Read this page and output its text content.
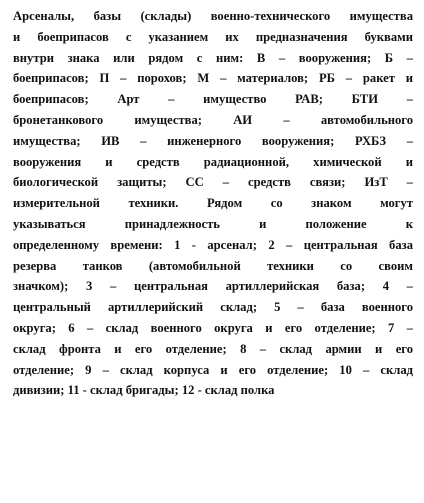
Арсеналы, базы (склады) военно-технического имущества
и боеприпасов с указанием их предназначения буквами
внутри знака или рядом с ним: В – вооружения; Б –
боеприпасов; П – порохов; М – материалов; РБ – ракет и
боеприпасов; Арт – имущество РАВ; БТИ –
бронетанкового имущества; АИ – автомобильного
имущества; ИВ – инженерного вооружения; РХБЗ –
вооружения и средств радиационной, химической и
биологической защиты; СС – средств связи; ИзТ –
измерительной техники. Рядом со знаком могут
указываться принадлежность и положение к
определенному времени: 1 - арсенал; 2 – центральная база
резерва танков (автомобильной техники со своим
значком); 3 – центральная артиллерийская база; 4 –
центральный артиллерийский склад; 5 – база военного
округа; 6 – склад военного округа и его отделение; 7 –
склад фронта и его отделение; 8 – склад армии и его
отделение; 9 – склад корпуса и его отделение; 10 – склад
дивизии; 11 - склад бригады; 12 - склад полка
